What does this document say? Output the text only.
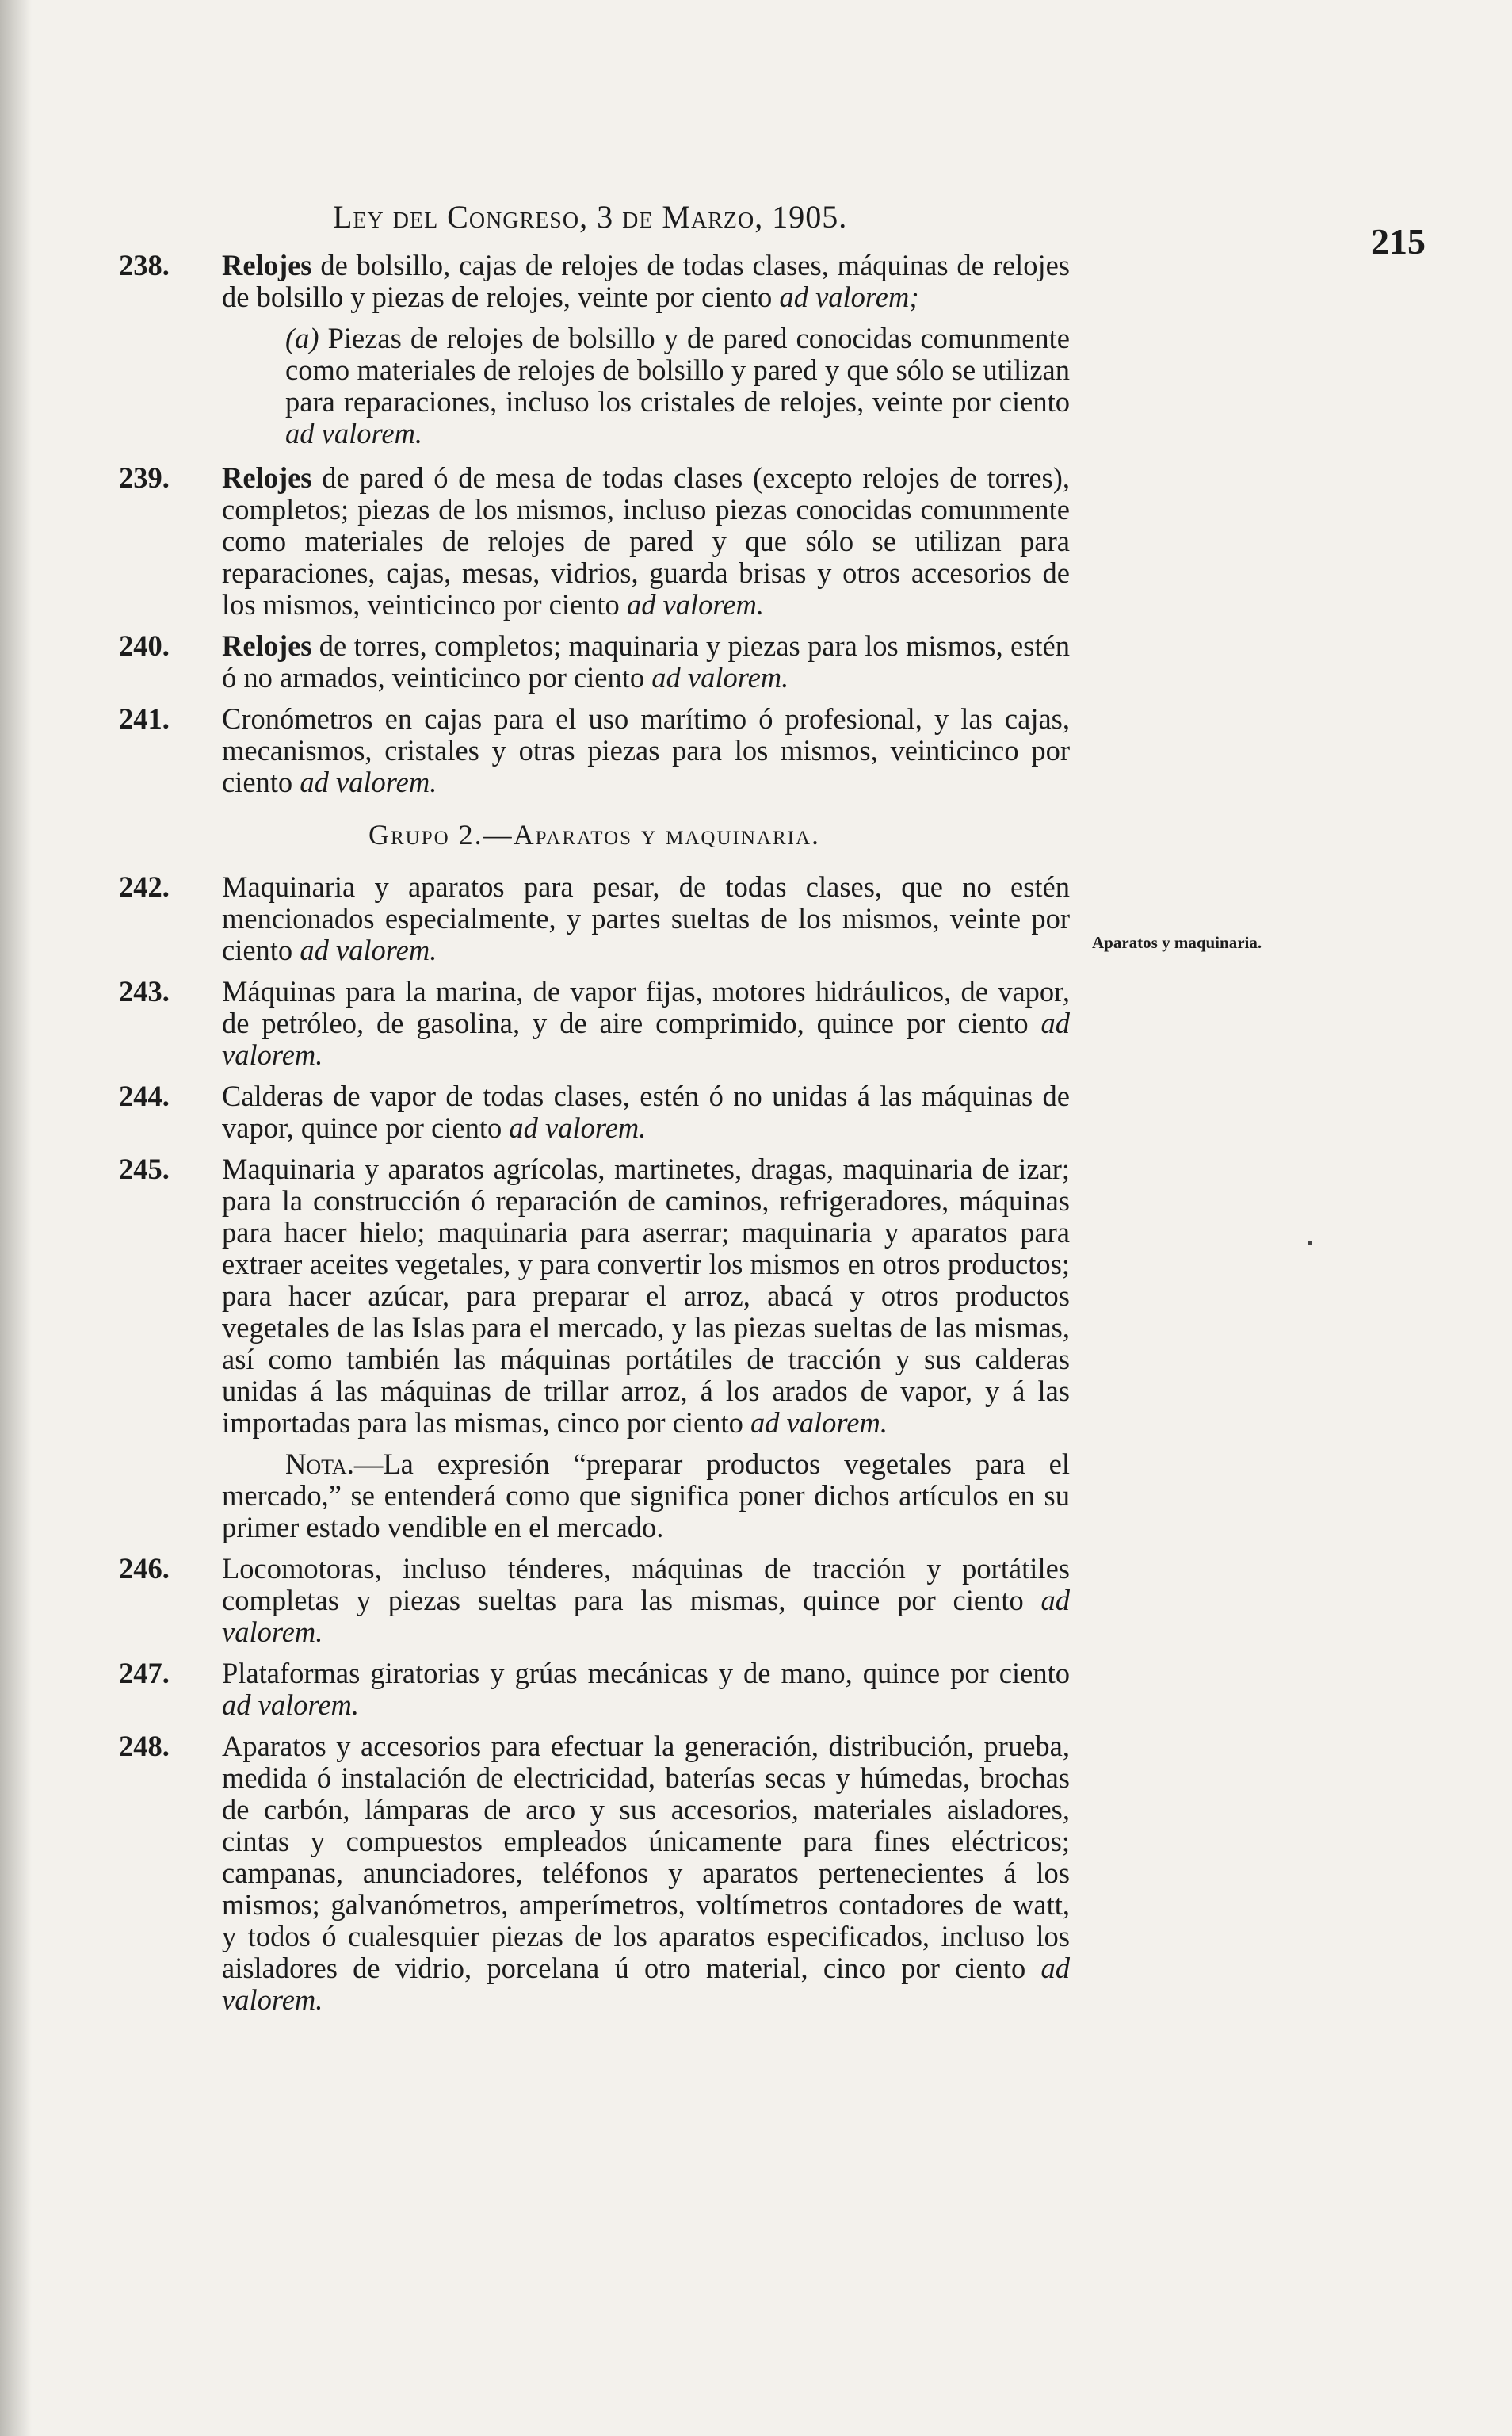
Ley del Congreso, 3 de Marzo, 1905.
215
Aparatos y maquinaria.
238. Relojes de bolsillo, cajas de relojes de todas clases, máquinas de relojes de bolsillo y piezas de relojes, veinte por ciento ad valorem;
(a) Piezas de relojes de bolsillo y de pared conocidas comunmente como materiales de relojes de bolsillo y pared y que sólo se utilizan para reparaciones, incluso los cristales de relojes, veinte por ciento ad valorem.
239. Relojes de pared ó de mesa de todas clases (excepto relojes de torres), completos; piezas de los mismos, incluso piezas conocidas comunmente como materiales de relojes de pared y que sólo se utilizan para reparaciones, cajas, mesas, vidrios, guarda brisas y otros accesorios de los mismos, veinticinco por ciento ad valorem.
240. Relojes de torres, completos; maquinaria y piezas para los mismos, estén ó no armados, veinticinco por ciento ad valorem.
241. Cronómetros en cajas para el uso marítimo ó profesional, y las cajas, mecanismos, cristales y otras piezas para los mismos, veinticinco por ciento ad valorem.
Grupo 2.—Aparatos y maquinaria.
242. Maquinaria y aparatos para pesar, de todas clases, que no estén mencionados especialmente, y partes sueltas de los mismos, veinte por ciento ad valorem.
243. Máquinas para la marina, de vapor fijas, motores hidráulicos, de vapor, de petróleo, de gasolina, y de aire comprimido, quince por ciento ad valorem.
244. Calderas de vapor de todas clases, estén ó no unidas á las máquinas de vapor, quince por ciento ad valorem.
245. Maquinaria y aparatos agrícolas, martinetes, dragas, maquinaria de izar; para la construcción ó reparación de caminos, refrigeradores, máquinas para hacer hielo; maquinaria para aserrar; maquinaria y aparatos para extraer aceites vegetales, y para convertir los mismos en otros productos; para hacer azúcar, para preparar el arroz, abacá y otros productos vegetales de las Islas para el mercado, y las piezas sueltas de las mismas, así como también las máquinas portátiles de tracción y sus calderas unidas á las máquinas de trillar arroz, á los arados de vapor, y á las importadas para las mismas, cinco por ciento ad valorem.
Nota.—La expresión “preparar productos vegetales para el mercado,” se entenderá como que significa poner dichos artículos en su primer estado vendible en el mercado.
246. Locomotoras, incluso ténderes, máquinas de tracción y portátiles completas y piezas sueltas para las mismas, quince por ciento ad valorem.
247. Plataformas giratorias y grúas mecánicas y de mano, quince por ciento ad valorem.
248. Aparatos y accesorios para efectuar la generación, distribución, prueba, medida ó instalación de electricidad, baterías secas y húmedas, brochas de carbón, lámparas de arco y sus accesorios, materiales aisladores, cintas y compuestos empleados únicamente para fines eléctricos; campanas, anunciadores, teléfonos y aparatos pertenecientes á los mismos; galvanómetros, amperímetros, voltímetros contadores de watt, y todos ó cualesquier piezas de los aparatos especificados, incluso los aisladores de vidrio, porcelana ú otro material, cinco por ciento ad valorem.
